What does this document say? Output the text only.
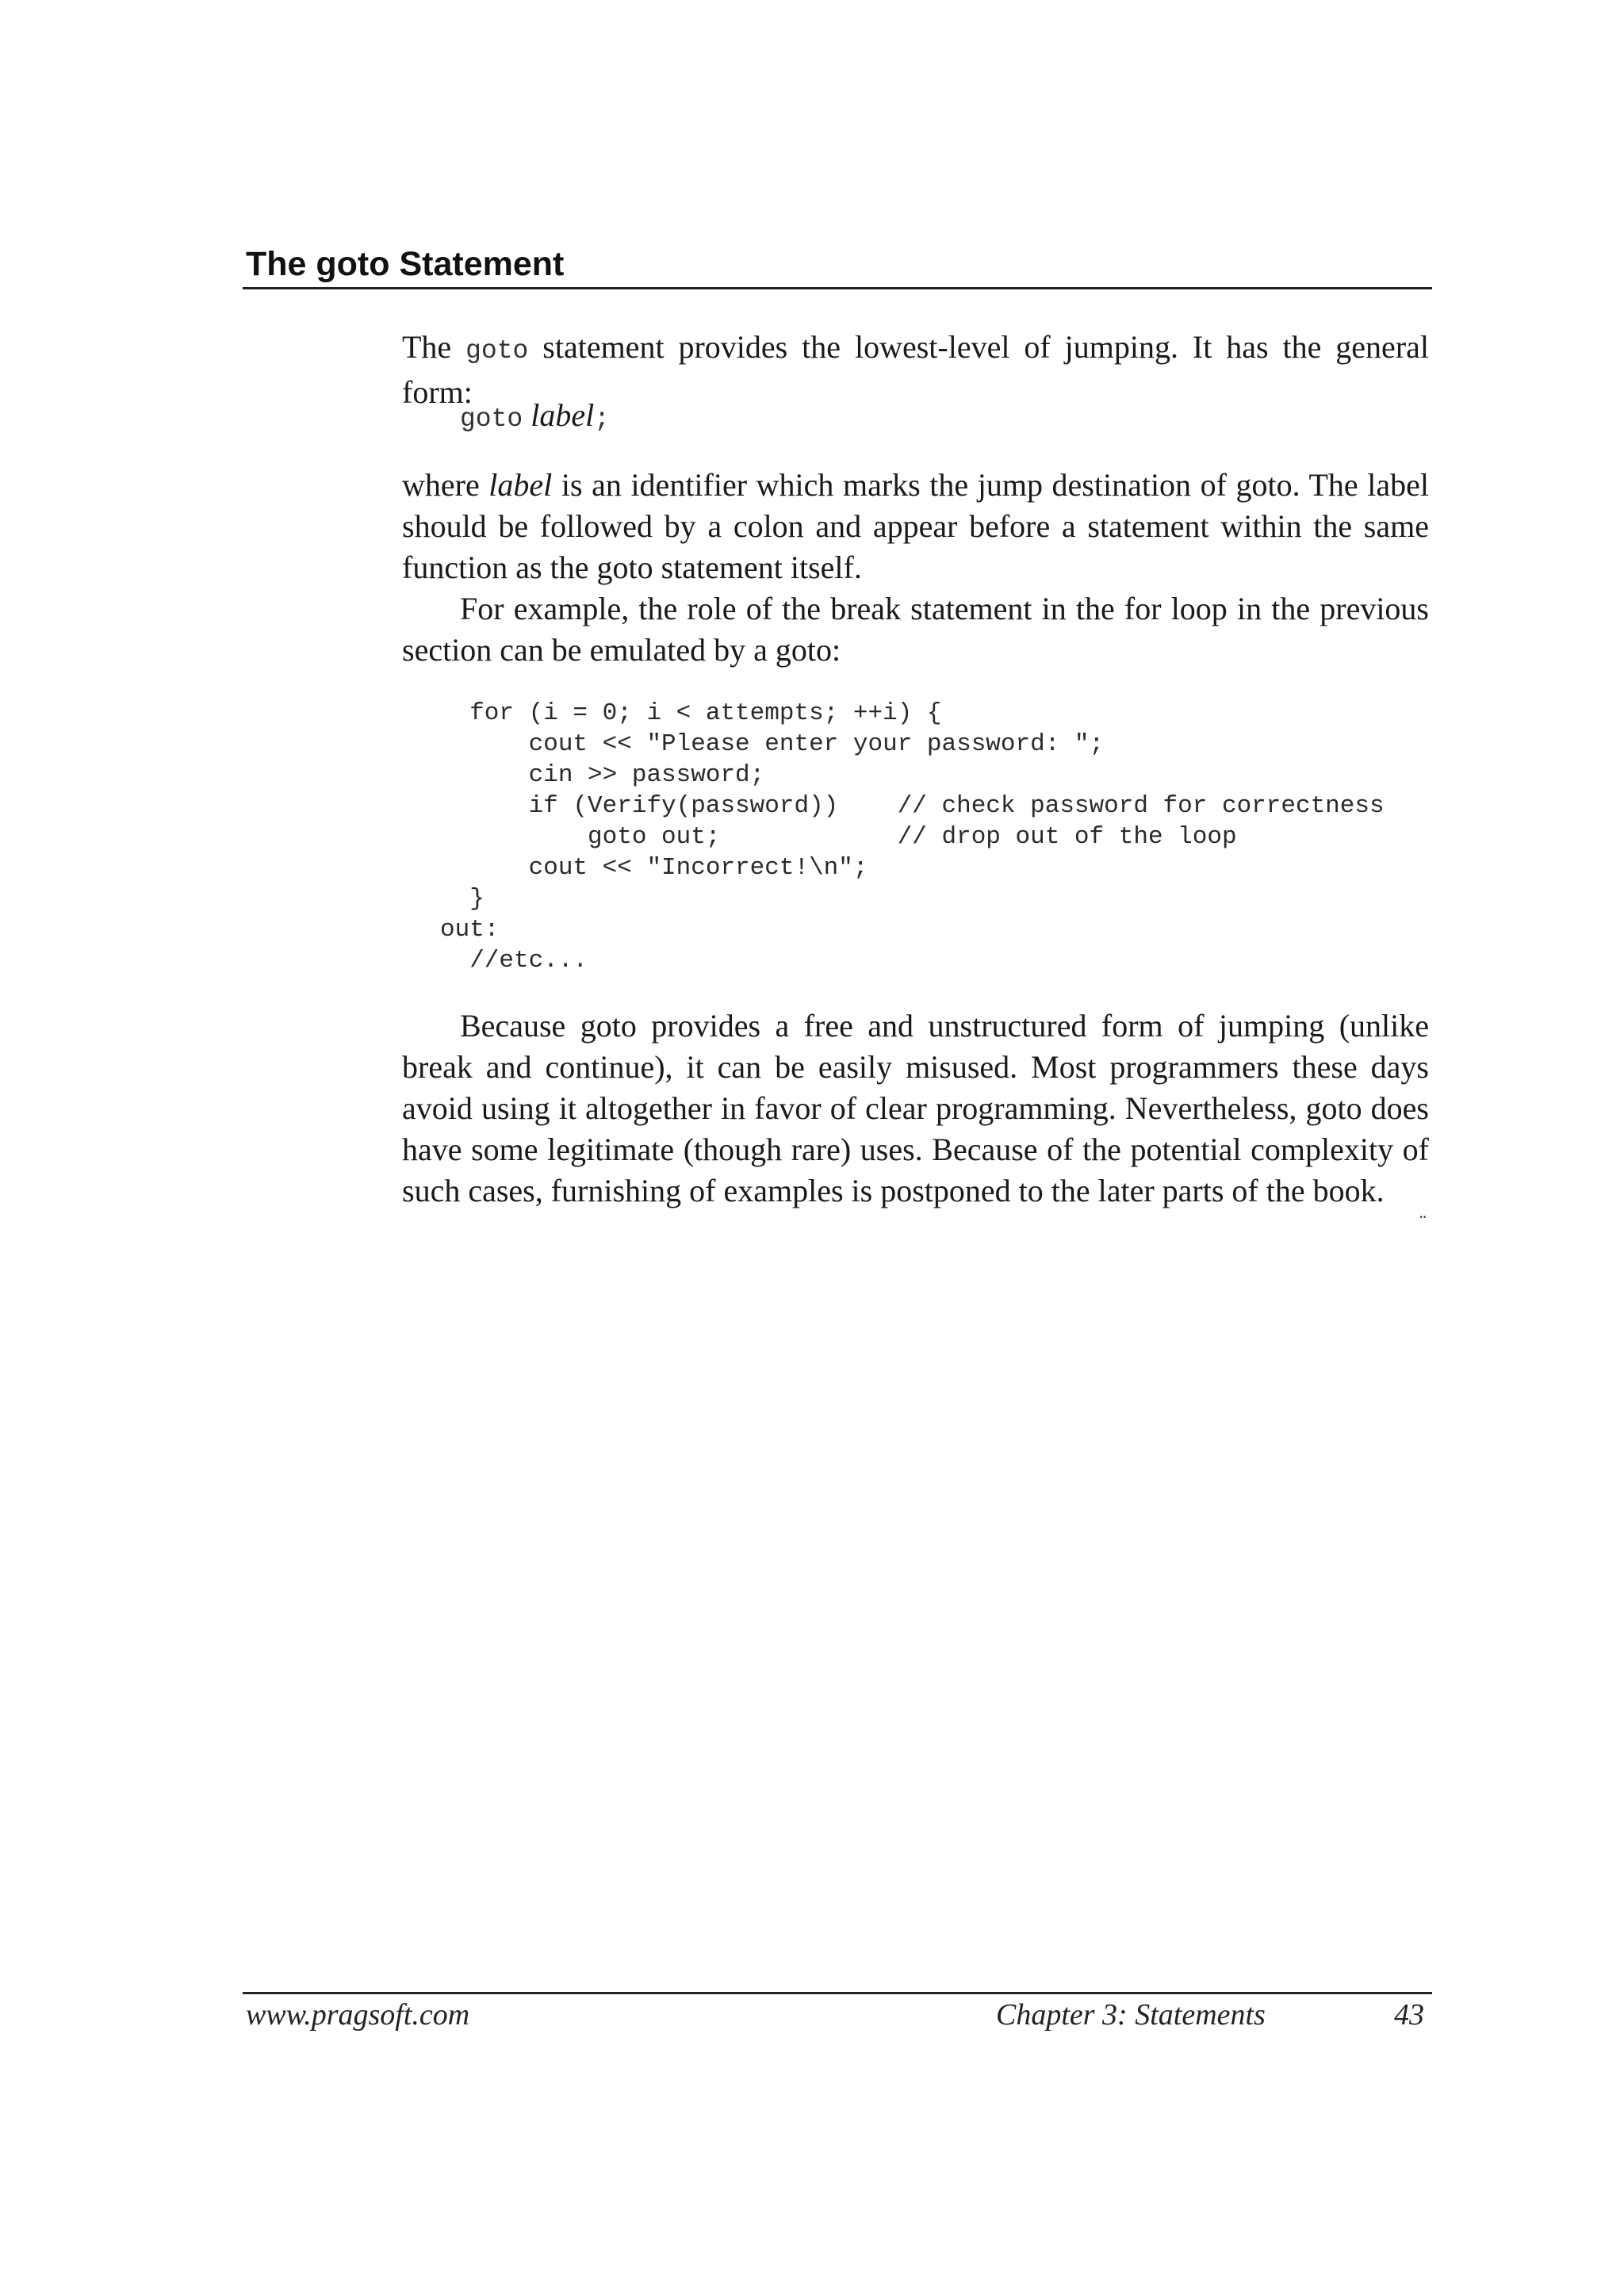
The goto Statement

The goto statement provides the lowest-level of jumping. It has the general form:

goto label;

where label is an identifier which marks the jump destination of goto. The label should be followed by a colon and appear before a statement within the same function as the goto statement itself.

For example, the role of the break statement in the for loop in the previous section can be emulated by a goto:

for (i = 0; i < attempts; ++i) {
cout << "Please enter your password: ";
cin >> password;
if (Verify(password))    // check password for correctness
goto out;            // drop out of the loop
cout << "Incorrect!\n";
}
out:
//etc...

Because goto provides a free and unstructured form of jumping (unlike break and continue), it can be easily misused. Most programmers these days avoid using it altogether in favor of clear programming. Nevertheless, goto does have some legitimate (though rare) uses. Because of the potential complexity of such cases, furnishing of examples is postponed to the later parts of the book.

¨
www.pragsoft.com	Chapter 3: Statements	43
